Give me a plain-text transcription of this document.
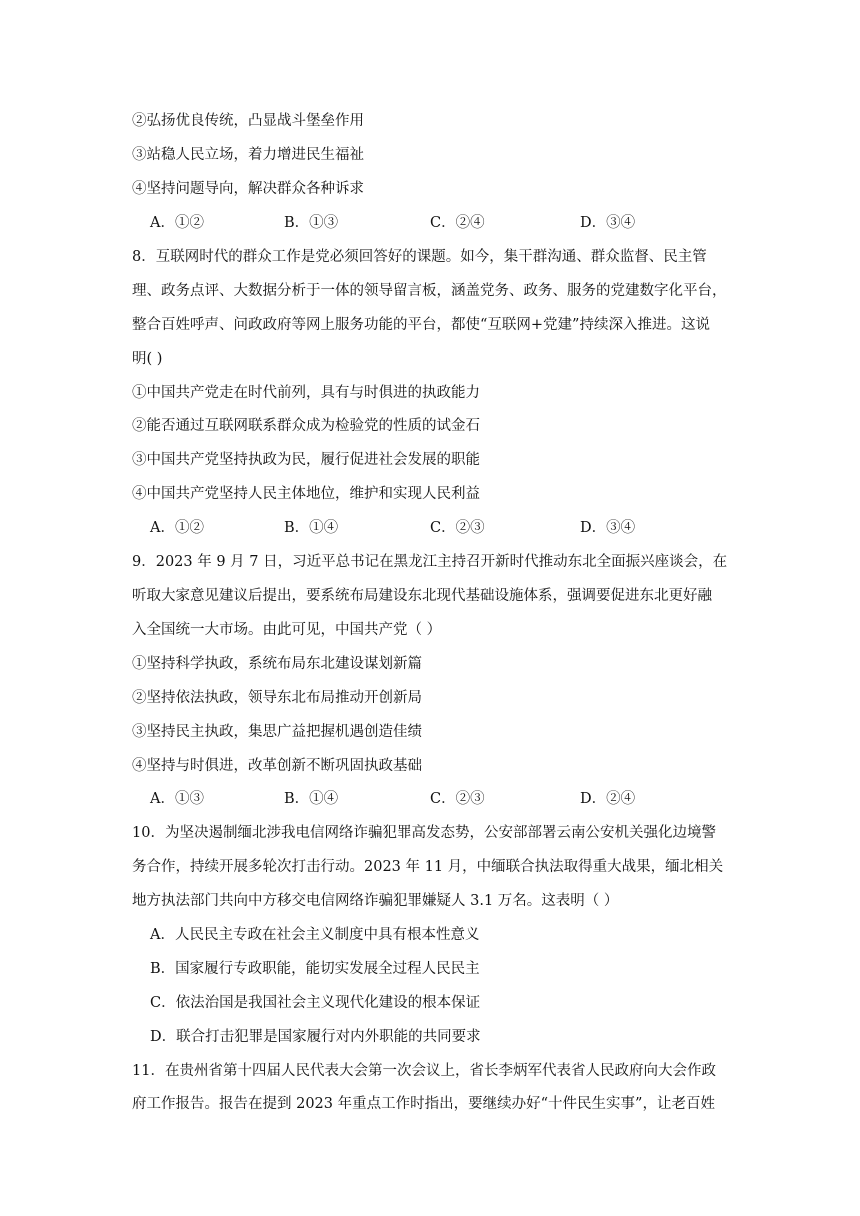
②弘扬优良传统，凸显战斗堡垒作用
③站稳人民立场，着力增进民生福祉
④坚持问题导向，解决群众各种诉求
A．①②	B．①③	C．②④	D．③④
8．互联网时代的群众工作是党必须回答好的课题。如今，集干群沟通、群众监督、民主管
理、政务点评、大数据分析于一体的领导留言板，涵盖党务、政务、服务的党建数字化平台，
整合百姓呼声、问政政府等网上服务功能的平台，都使“互联网+党建”持续深入推进。这说
明( )
①中国共产党走在时代前列，具有与时俱进的执政能力
②能否通过互联网联系群众成为检验党的性质的试金石
③中国共产党坚持执政为民，履行促进社会发展的职能
④中国共产党坚持人民主体地位，维护和实现人民利益
A．①②	B．①④	C．②③	D．③④
9．2023 年 9 月 7 日，习近平总书记在黑龙江主持召开新时代推动东北全面振兴座谈会，在
听取大家意见建议后提出，要系统布局建设东北现代基础设施体系，强调要促进东北更好融
入全国统一大市场。由此可见，中国共产党（ ）
①坚持科学执政，系统布局东北建设谋划新篇
②坚持依法执政，领导东北布局推动开创新局
③坚持民主执政，集思广益把握机遇创造佳绩
④坚持与时俱进，改革创新不断巩固执政基础
A．①③	B．①④	C．②③	D．②④
10．为坚决遏制缅北涉我电信网络诈骗犯罪高发态势，公安部部署云南公安机关强化边境警
务合作，持续开展多轮次打击行动。2023 年 11 月，中缅联合执法取得重大战果，缅北相关
地方执法部门共向中方移交电信网络诈骗犯罪嫌疑人 3.1 万名。这表明（ ）
A．人民民主专政在社会主义制度中具有根本性意义
B．国家履行专政职能，能切实发展全过程人民民主
C．依法治国是我国社会主义现代化建设的根本保证
D．联合打击犯罪是国家履行对内外职能的共同要求
11．在贵州省第十四届人民代表大会第一次会议上，省长李炳军代表省人民政府向大会作政
府工作报告。报告在提到 2023 年重点工作时指出，要继续办好“十件民生实事”，让老百姓
